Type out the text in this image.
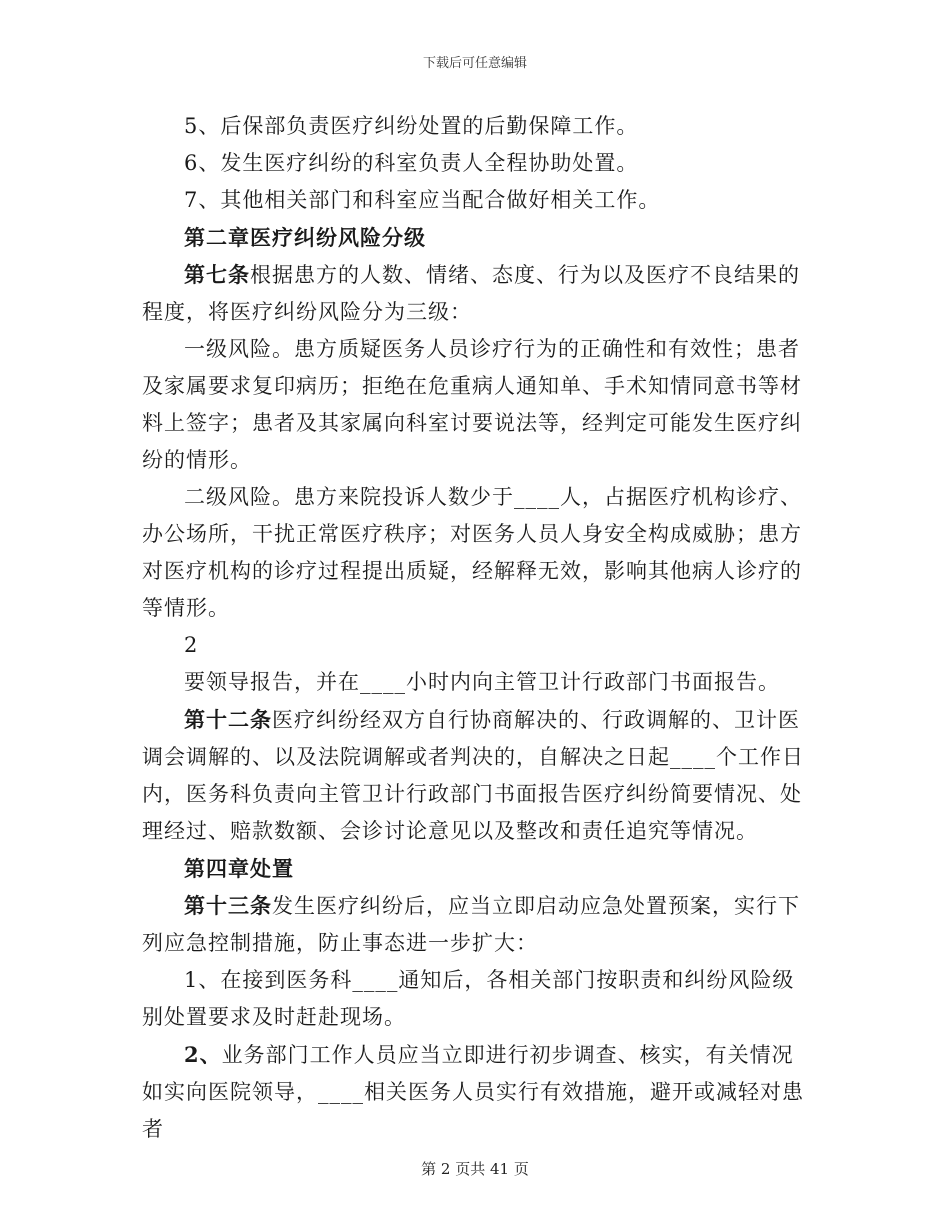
下载后可任意编辑

5、后保部负责医疗纠纷处置的后勤保障工作。

6、发生医疗纠纷的科室负责人全程协助处置。

7、其他相关部门和科室应当配合做好相关工作。

第二章医疗纠纷风险分级

第七条根据患方的人数、情绪、态度、行为以及医疗不良结果的程度，将医疗纠纷风险分为三级：

一级风险。患方质疑医务人员诊疗行为的正确性和有效性；患者及家属要求复印病历；拒绝在危重病人通知单、手术知情同意书等材料上签字；患者及其家属向科室讨要说法等，经判定可能发生医疗纠纷的情形。

二级风险。患方来院投诉人数少于____人，占据医疗机构诊疗、办公场所，干扰正常医疗秩序；对医务人员人身安全构成威胁；患方对医疗机构的诊疗过程提出质疑，经解释无效，影响其他病人诊疗的等情形。

2

要领导报告，并在____小时内向主管卫计行政部门书面报告。

第十二条医疗纠纷经双方自行协商解决的、行政调解的、卫计医调会调解的、以及法院调解或者判决的，自解决之日起____个工作日内，医务科负责向主管卫计行政部门书面报告医疗纠纷简要情况、处理经过、赔款数额、会诊讨论意见以及整改和责任追究等情况。

第四章处置

第十三条发生医疗纠纷后，应当立即启动应急处置预案，实行下列应急控制措施，防止事态进一步扩大：

1、在接到医务科____通知后，各相关部门按职责和纠纷风险级别处置要求及时赶赴现场。

2、业务部门工作人员应当立即进行初步调查、核实，有关情况如实向医院领导，____相关医务人员实行有效措施，避开或减轻对患者

第 2 页共 41 页
